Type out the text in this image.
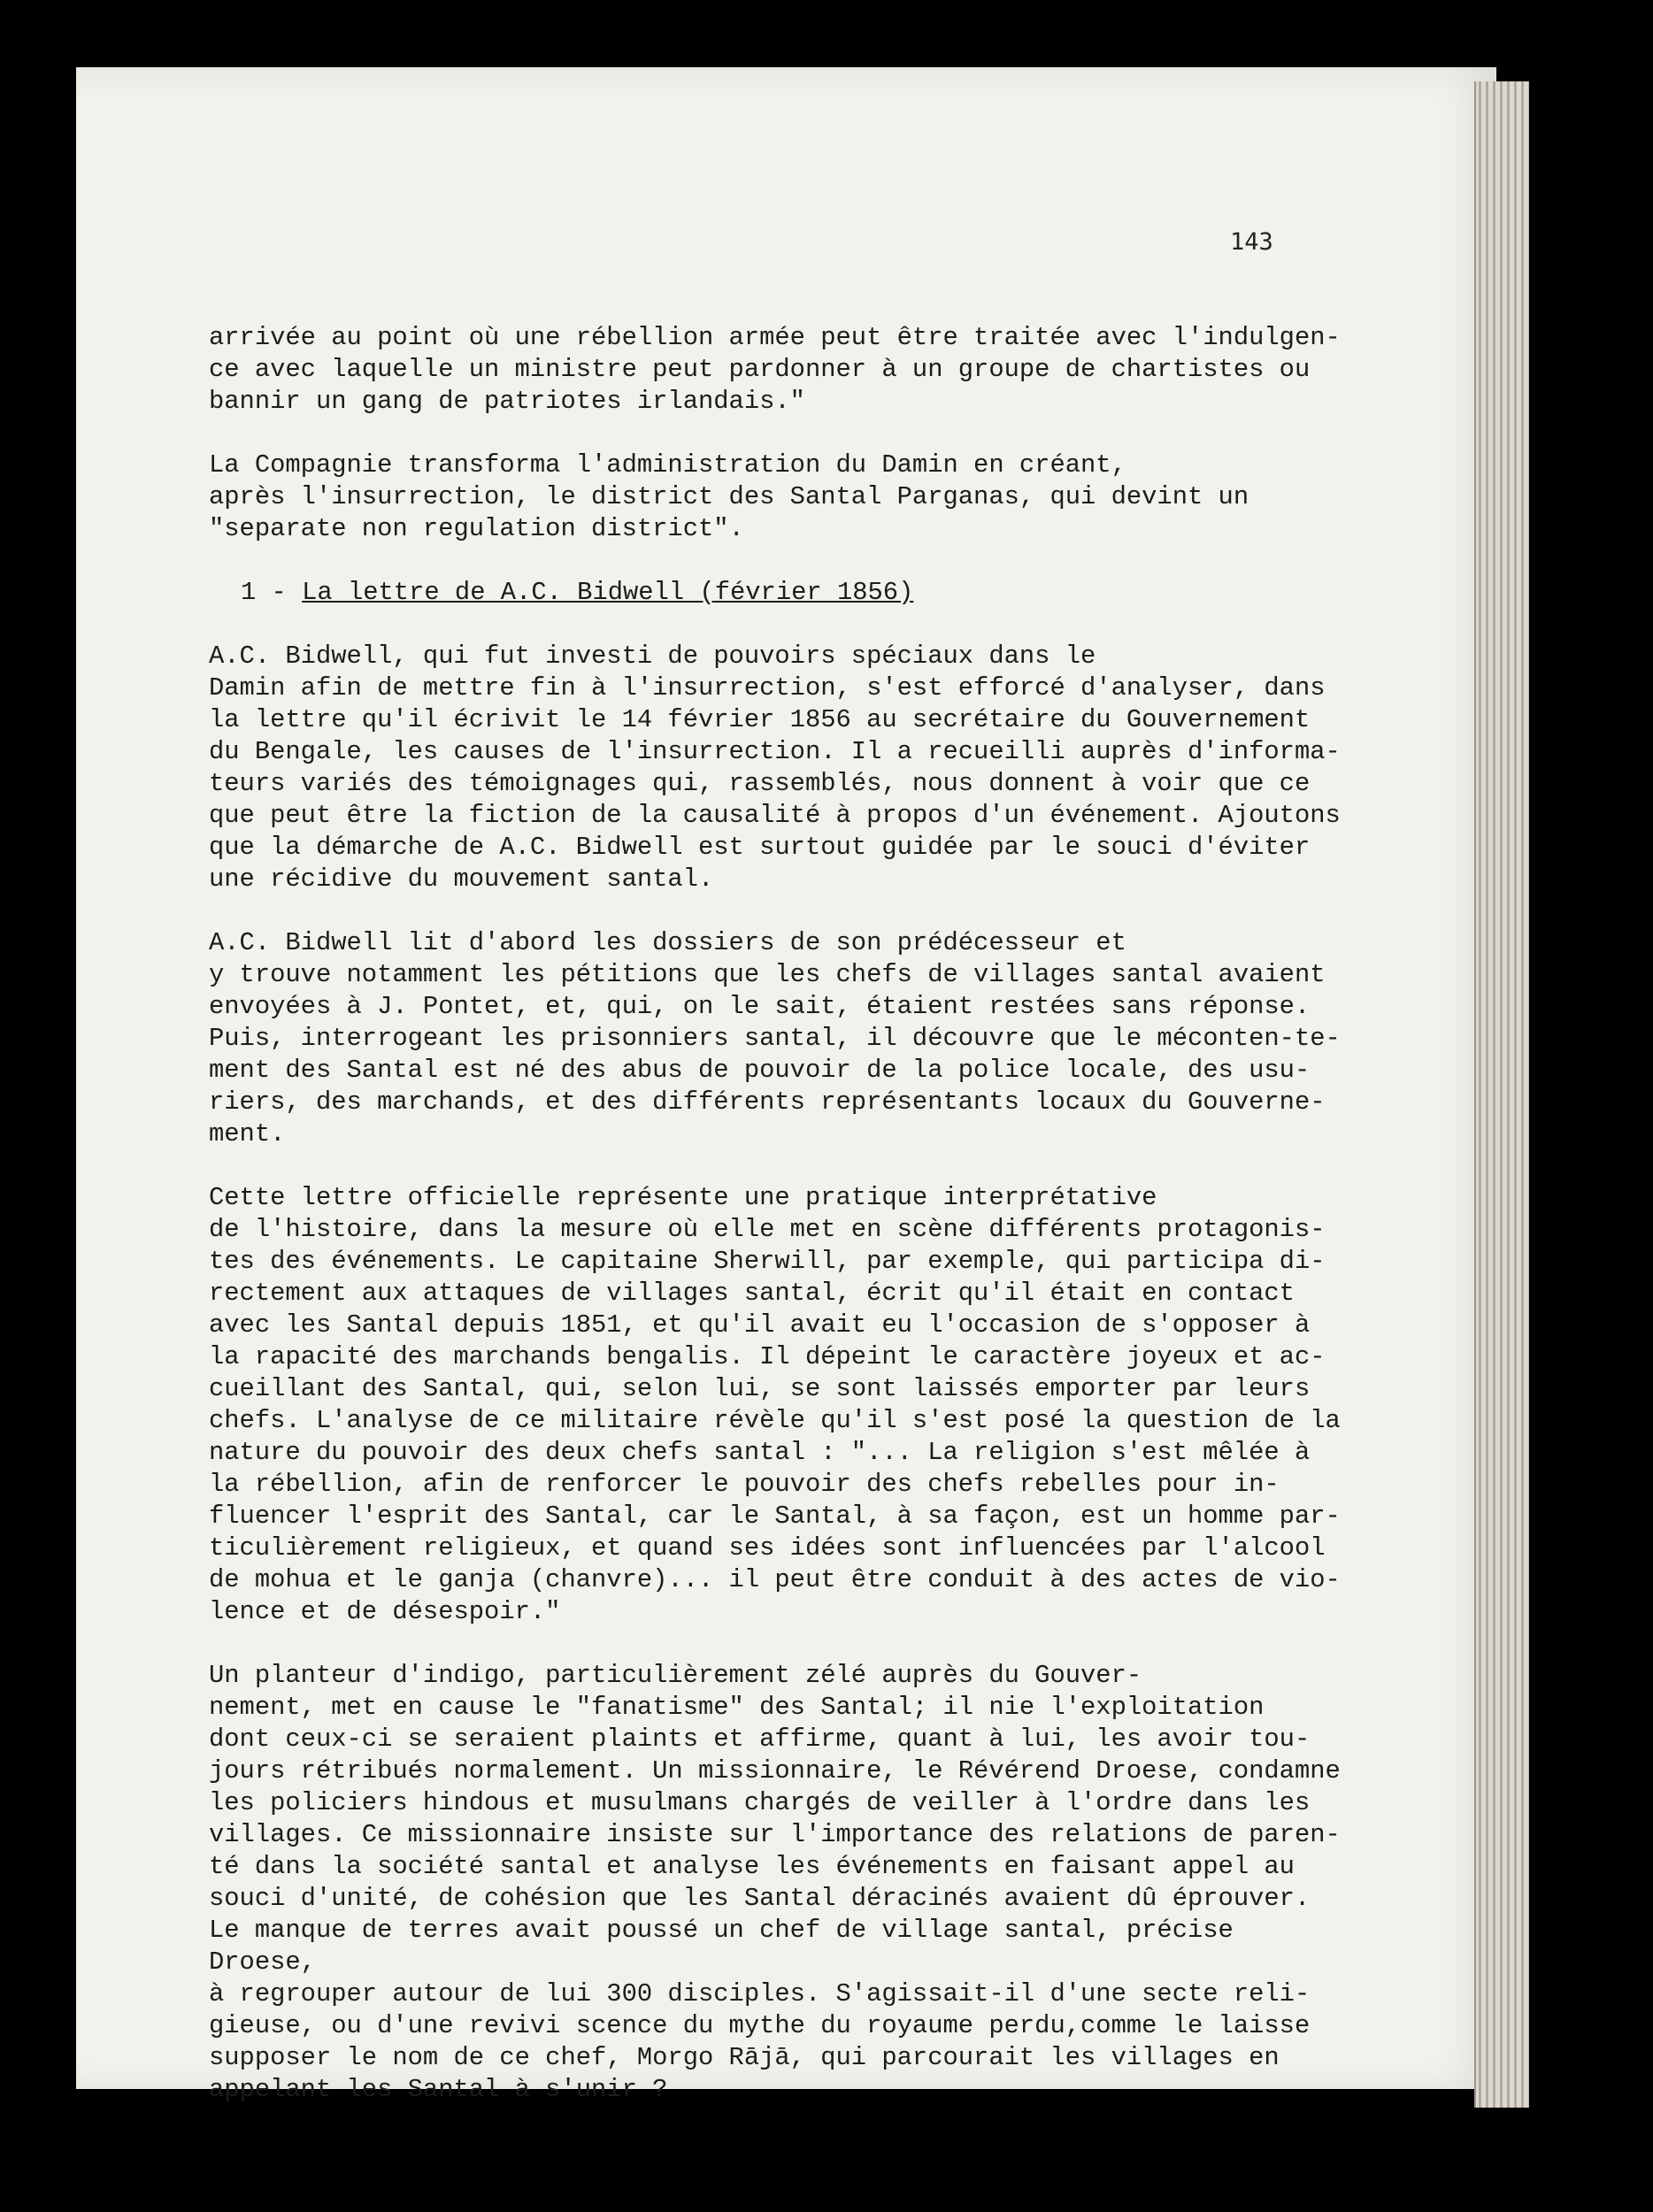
143

arrivée au point où une rébellion armée peut être traitée avec l'indulgen-
ce avec laquelle un ministre peut pardonner à un groupe de chartistes ou
bannir un gang de patriotes irlandais."

La Compagnie transforma l'administration du Damin en créant,
après l'insurrection, le district des Santal Parganas, qui devint un
"separate non regulation district".

1 - La lettre de A.C. Bidwell (février 1856)

A.C. Bidwell, qui fut investi de pouvoirs spéciaux dans le
Damin afin de mettre fin à l'insurrection, s'est efforcé d'analyser, dans
la lettre qu'il écrivit le 14 février 1856 au secrétaire du Gouvernement
du Bengale, les causes de l'insurrection. Il a recueilli auprès d'informa-
teurs variés des témoignages qui, rassemblés, nous donnent à voir que ce
que peut être la fiction de la causalité à propos d'un événement. Ajoutons
que la démarche de A.C. Bidwell est surtout guidée par le souci d'éviter
une récidive du mouvement santal.

A.C. Bidwell lit d'abord les dossiers de son prédécesseur et
y trouve notamment les pétitions que les chefs de villages santal avaient
envoyées à J. Pontet, et, qui, on le sait, étaient restées sans réponse.
Puis, interrogeant les prisonniers santal, il découvre que le méconten-te-
ment des Santal est né des abus de pouvoir de la police locale, des usu-
riers, des marchands, et des différents représentants locaux du Gouverne-
ment.

Cette lettre officielle représente une pratique interprétative
de l'histoire, dans la mesure où elle met en scène différents protagonis-
tes des événements. Le capitaine Sherwill, par exemple, qui participa di-
rectement aux attaques de villages santal, écrit qu'il était en contact
avec les Santal depuis 1851, et qu'il avait eu l'occasion de s'opposer à
la rapacité des marchands bengalis. Il dépeint le caractère joyeux et ac-
cueillant des Santal, qui, selon lui, se sont laissés emporter par leurs
chefs. L'analyse de ce militaire révèle qu'il s'est posé la question de la
nature du pouvoir des deux chefs santal : "... La religion s'est mêlée à
la rébellion, afin de renforcer le pouvoir des chefs rebelles pour in-
fluencer l'esprit des Santal, car le Santal, à sa façon, est un homme par-
ticulièrement religieux, et quand ses idées sont influencées par l'alcool
de mohua et le ganja (chanvre)... il peut être conduit à des actes de vio-
lence et de désespoir."

Un planteur d'indigo, particulièrement zélé auprès du Gouver-
nement, met en cause le "fanatisme" des Santal; il nie l'exploitation
dont ceux-ci se seraient plaints et affirme, quant à lui, les avoir tou-
jours rétribués normalement. Un missionnaire, le Révérend Droese, condamne
les policiers hindous et musulmans chargés de veiller à l'ordre dans les
villages. Ce missionnaire insiste sur l'importance des relations de paren-
té dans la société santal et analyse les événements en faisant appel au
souci d'unité, de cohésion que les Santal déracinés avaient dû éprouver.
Le manque de terres avait poussé un chef de village santal, précise Droese,
à regrouper autour de lui 300 disciples. S'agissait-il d'une secte reli-
gieuse, ou d'une revivi scence du mythe du royaume perdu,comme le laisse
supposer le nom de ce chef, Morgo Rājā, qui parcourait les villages en
appelant les Santal à s'unir ?
